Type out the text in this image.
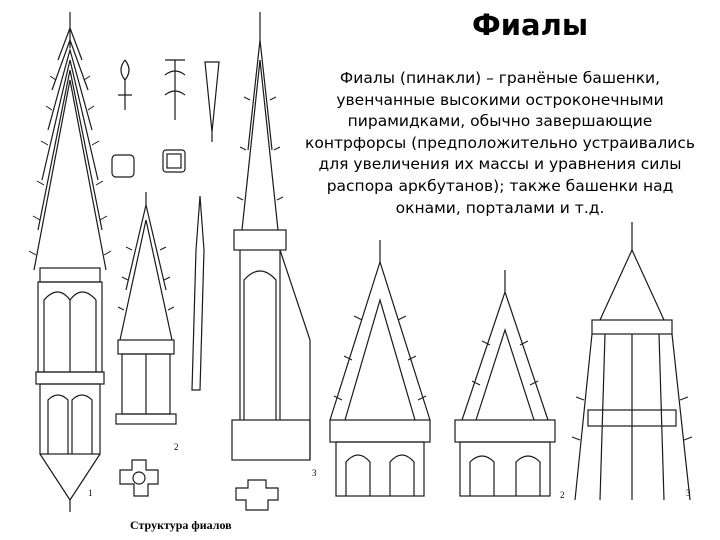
Фиалы
Фиалы (пинакли) – гранёные башенки, увенчанные высокими остроконечными пирамидками, обычно завершающие контрфорсы (предположительно устраивались для увеличения их массы и уравнения силы распора аркбутанов); также башенки над окнами, порталами и т.д.
1
2
3
2	3
Структура фиалов
